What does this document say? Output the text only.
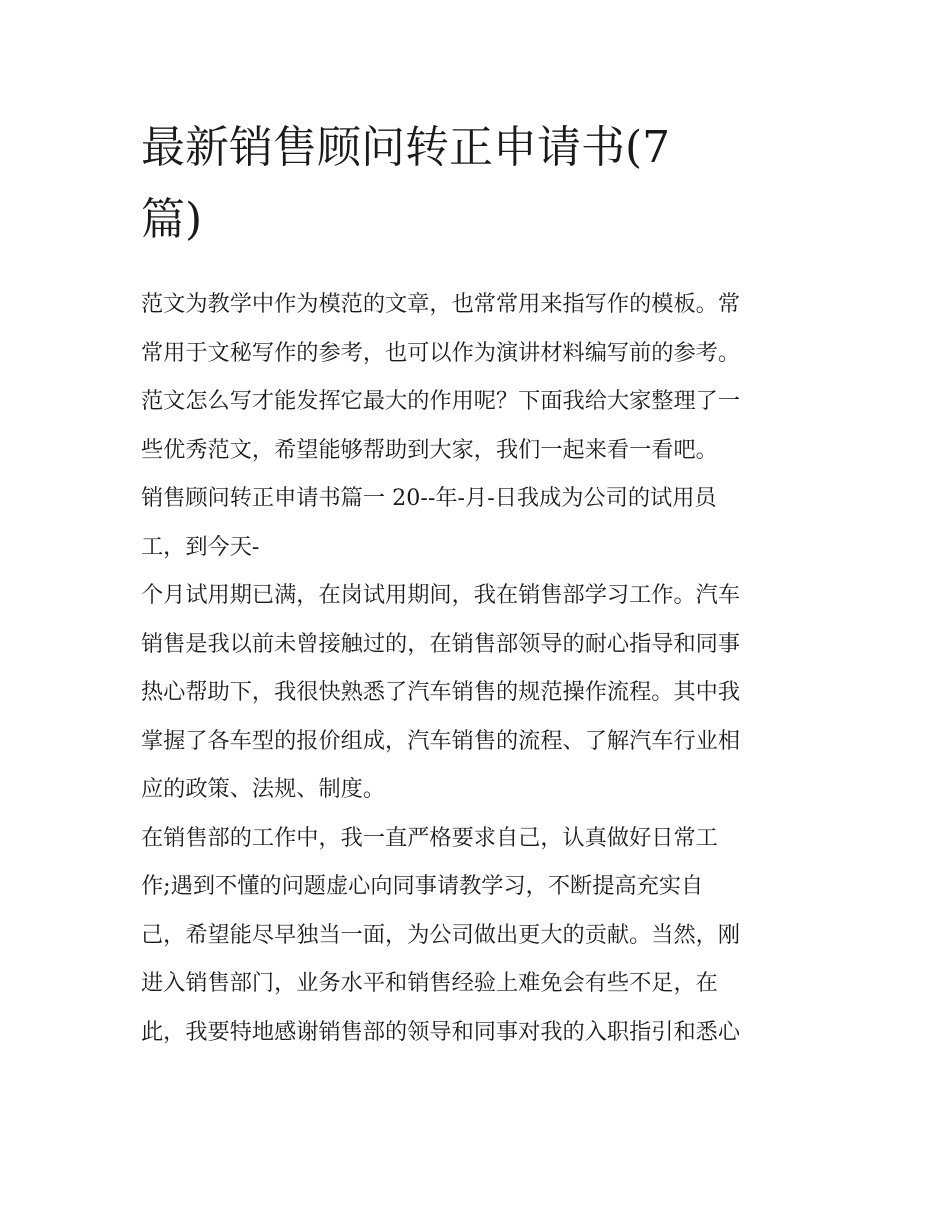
最新销售顾问转正申请书(7
篇)
范文为教学中作为模范的文章，也常常用来指写作的模板。常
常用于文秘写作的参考，也可以作为演讲材料编写前的参考。
范文怎么写才能发挥它最大的作用呢？下面我给大家整理了一
些优秀范文，希望能够帮助到大家，我们一起来看一看吧。
销售顾问转正申请书篇一 20--年-月-日我成为公司的试用员
工，到今天-
个月试用期已满，在岗试用期间，我在销售部学习工作。汽车
销售是我以前未曾接触过的，在销售部领导的耐心指导和同事
热心帮助下，我很快熟悉了汽车销售的规范操作流程。其中我
掌握了各车型的报价组成，汽车销售的流程、了解汽车行业相
应的政策、法规、制度。
在销售部的工作中，我一直严格要求自己，认真做好日常工
作;遇到不懂的问题虚心向同事请教学习，不断提高充实自
己，希望能尽早独当一面，为公司做出更大的贡献。当然，刚
进入销售部门，业务水平和销售经验上难免会有些不足，在
此，我要特地感谢销售部的领导和同事对我的入职指引和悉心
